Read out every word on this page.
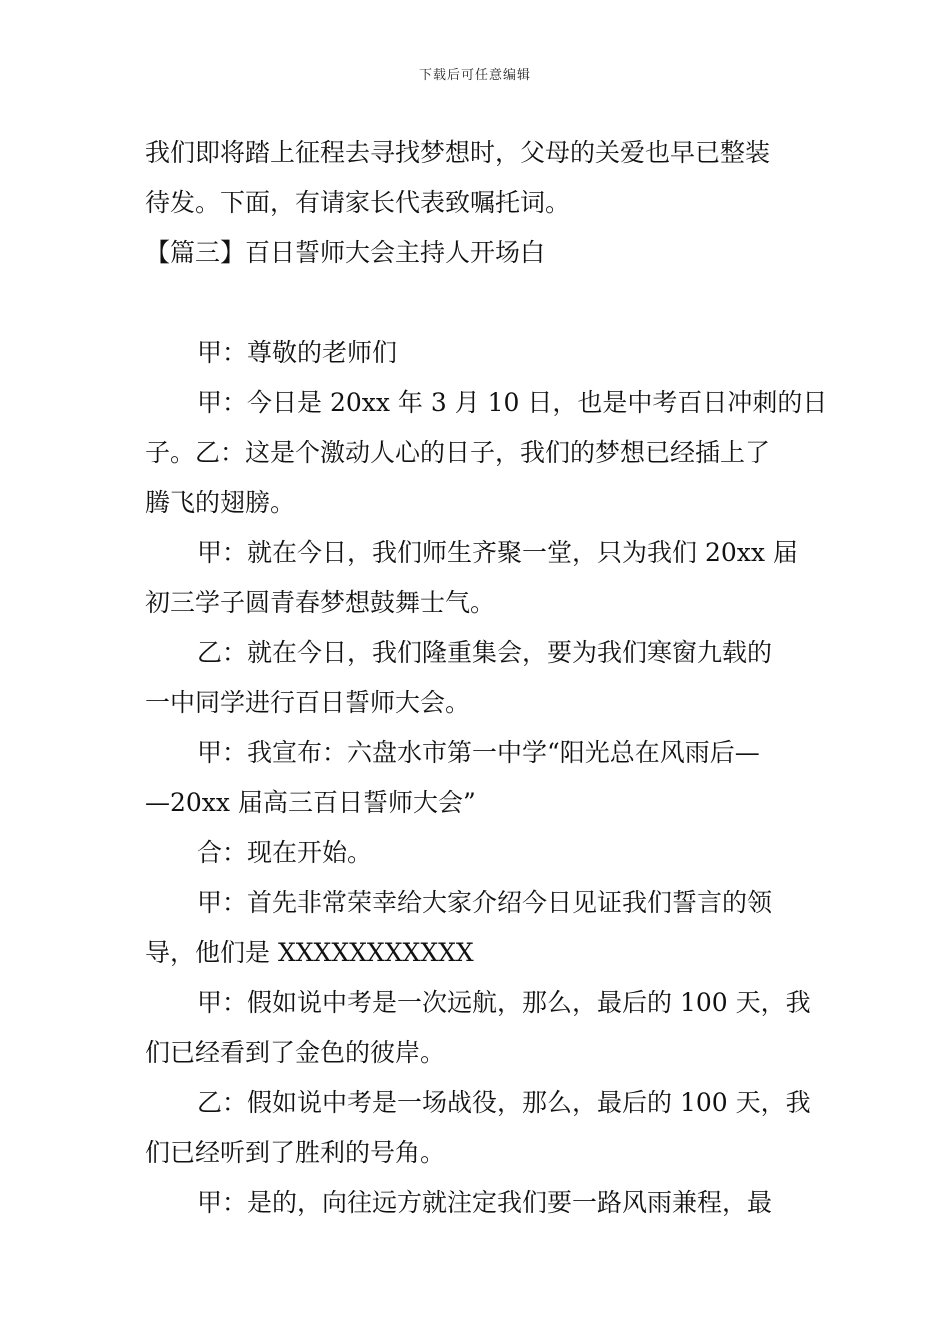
下载后可任意编辑

我们即将踏上征程去寻找梦想时，父母的关爱也早已整装

待发。下面，有请家长代表致嘱托词。

【篇三】百日誓师大会主持人开场白

甲：尊敬的老师们

甲：今日是 20xx 年 3 月 10 日，也是中考百日冲刺的日

子。乙：这是个激动人心的日子，我们的梦想已经插上了

腾飞的翅膀。

甲：就在今日，我们师生齐聚一堂，只为我们 20xx 届

初三学子圆青春梦想鼓舞士气。

乙：就在今日，我们隆重集会，要为我们寒窗九载的

一中同学进行百日誓师大会。

甲：我宣布：六盘水市第一中学“阳光总在风雨后—

—20xx 届高三百日誓师大会”

合：现在开始。

甲：首先非常荣幸给大家介绍今日见证我们誓言的领

导，他们是 XXXXXXXXXXX

甲：假如说中考是一次远航，那么，最后的 100 天，我

们已经看到了金色的彼岸。

乙：假如说中考是一场战役，那么，最后的 100 天，我

们已经听到了胜利的号角。

甲：是的，向往远方就注定我们要一路风雨兼程，最
